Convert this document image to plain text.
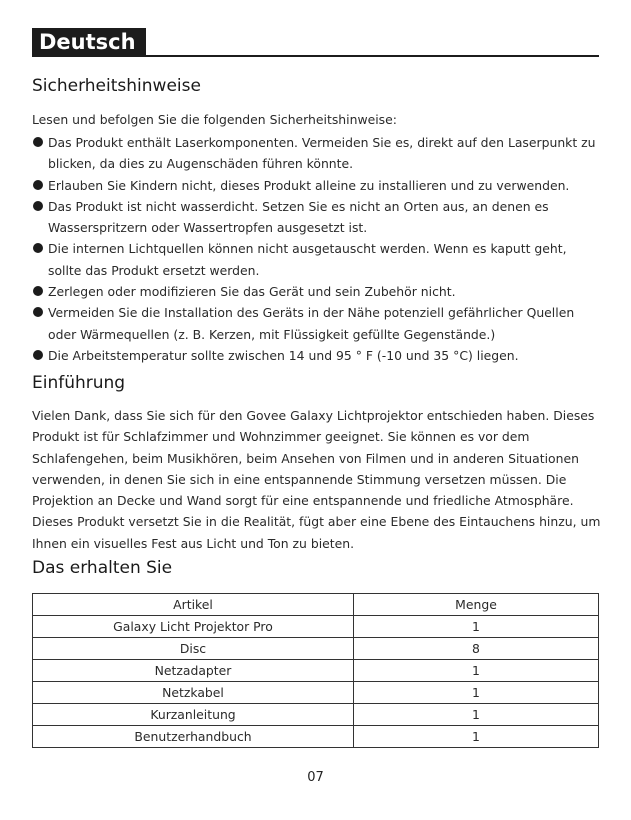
Deutsch
Sicherheitshinweise

Lesen und befolgen Sie die folgenden Sicherheitshinweise:

Das Produkt enthält Laserkomponenten. Vermeiden Sie es, direkt auf den Laserpunkt zu blicken, da dies zu Augenschäden führen könnte.
Erlauben Sie Kindern nicht, dieses Produkt alleine zu installieren und zu verwenden.
Das Produkt ist nicht wasserdicht. Setzen Sie es nicht an Orten aus, an denen es Wasserspritzern oder Wassertropfen ausgesetzt ist.
Die internen Lichtquellen können nicht ausgetauscht werden. Wenn es kaputt geht, sollte das Produkt ersetzt werden.
Zerlegen oder modifizieren Sie das Gerät und sein Zubehör nicht.
Vermeiden Sie die Installation des Geräts in der Nähe potenziell gefährlicher Quellen oder Wärmequellen (z. B. Kerzen, mit Flüssigkeit gefüllte Gegenstände.)
Die Arbeitstemperatur sollte zwischen 14 und 95 ° F (-10 und 35 °C) liegen.
Einführung

Vielen Dank, dass Sie sich für den Govee Galaxy Lichtprojektor entschieden haben. Dieses Produkt ist für Schlafzimmer und Wohnzimmer geeignet. Sie können es vor dem Schlafengehen, beim Musikhören, beim Ansehen von Filmen und in anderen Situationen verwenden, in denen Sie sich in eine entspannende Stimmung versetzen müssen. Die Projektion an Decke und Wand sorgt für eine entspannende und friedliche Atmosphäre. Dieses Produkt versetzt Sie in die Realität, fügt aber eine Ebene des Eintauchens hinzu, um Ihnen ein visuelles Fest aus Licht und Ton zu bieten.

Das erhalten Sie
Artikel	Menge
Galaxy Licht Projektor Pro	1
Disc	8
Netzadapter	1
Netzkabel	1
Kurzanleitung	1
Benutzerhandbuch	1
07
